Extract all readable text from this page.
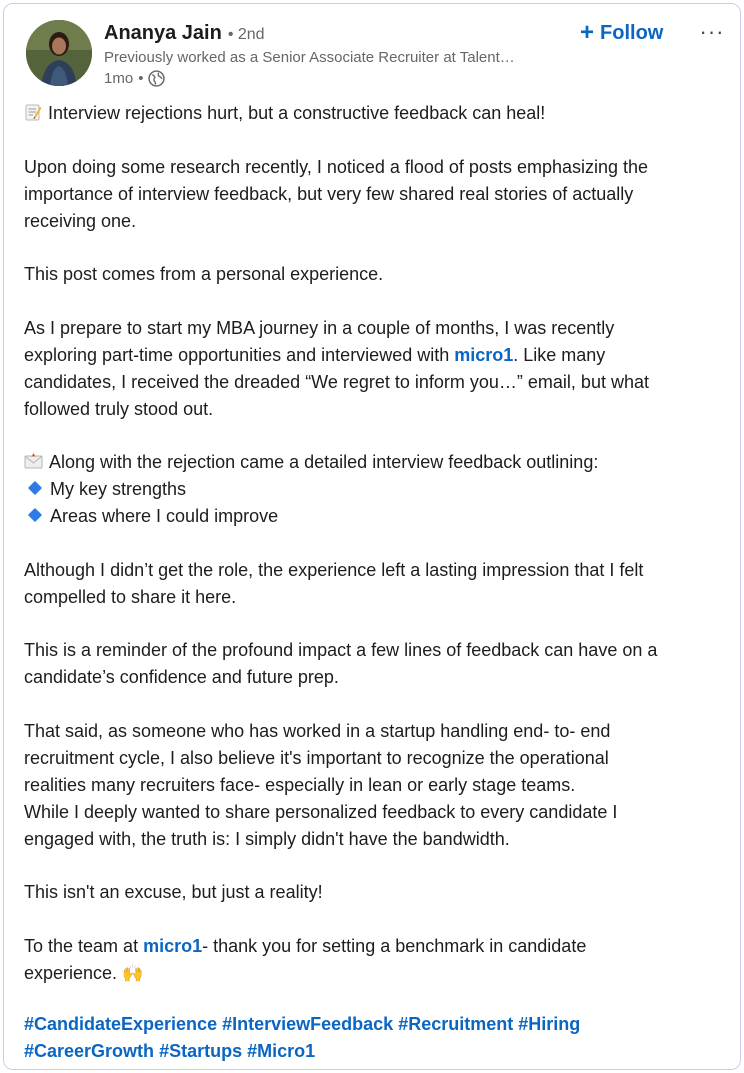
Ananya Jain • 2nd
Previously worked as a Senior Associate Recruiter at Talent…
1mo •
+ Follow ···

Interview rejections hurt, but a constructive feedback can heal!

Upon doing some research recently, I noticed a flood of posts emphasizing the
importance of interview feedback, but very few shared real stories of actually
receiving one.

This post comes from a personal experience.

As I prepare to start my MBA journey in a couple of months, I was recently
exploring part-time opportunities and interviewed with micro1. Like many
candidates, I received the dreaded “We regret to inform you…” email, but what
followed truly stood out.

Along with the rejection came a detailed interview feedback outlining:
My key strengths
Areas where I could improve

Although I didn’t get the role, the experience left a lasting impression that I felt
compelled to share it here.

This is a reminder of the profound impact a few lines of feedback can have on a
candidate’s confidence and future prep.

That said, as someone who has worked in a startup handling end- to- end
recruitment cycle, I also believe it's important to recognize the operational
realities many recruiters face- especially in lean or early stage teams.
While I deeply wanted to share personalized feedback to every candidate I
engaged with, the truth is: I simply didn't have the bandwidth.

This isn't an excuse, but just a reality!

To the team at micro1- thank you for setting a benchmark in candidate
experience. 🙌

#CandidateExperience #InterviewFeedback #Recruitment #Hiring
#CareerGrowth #Startups #Micro1
